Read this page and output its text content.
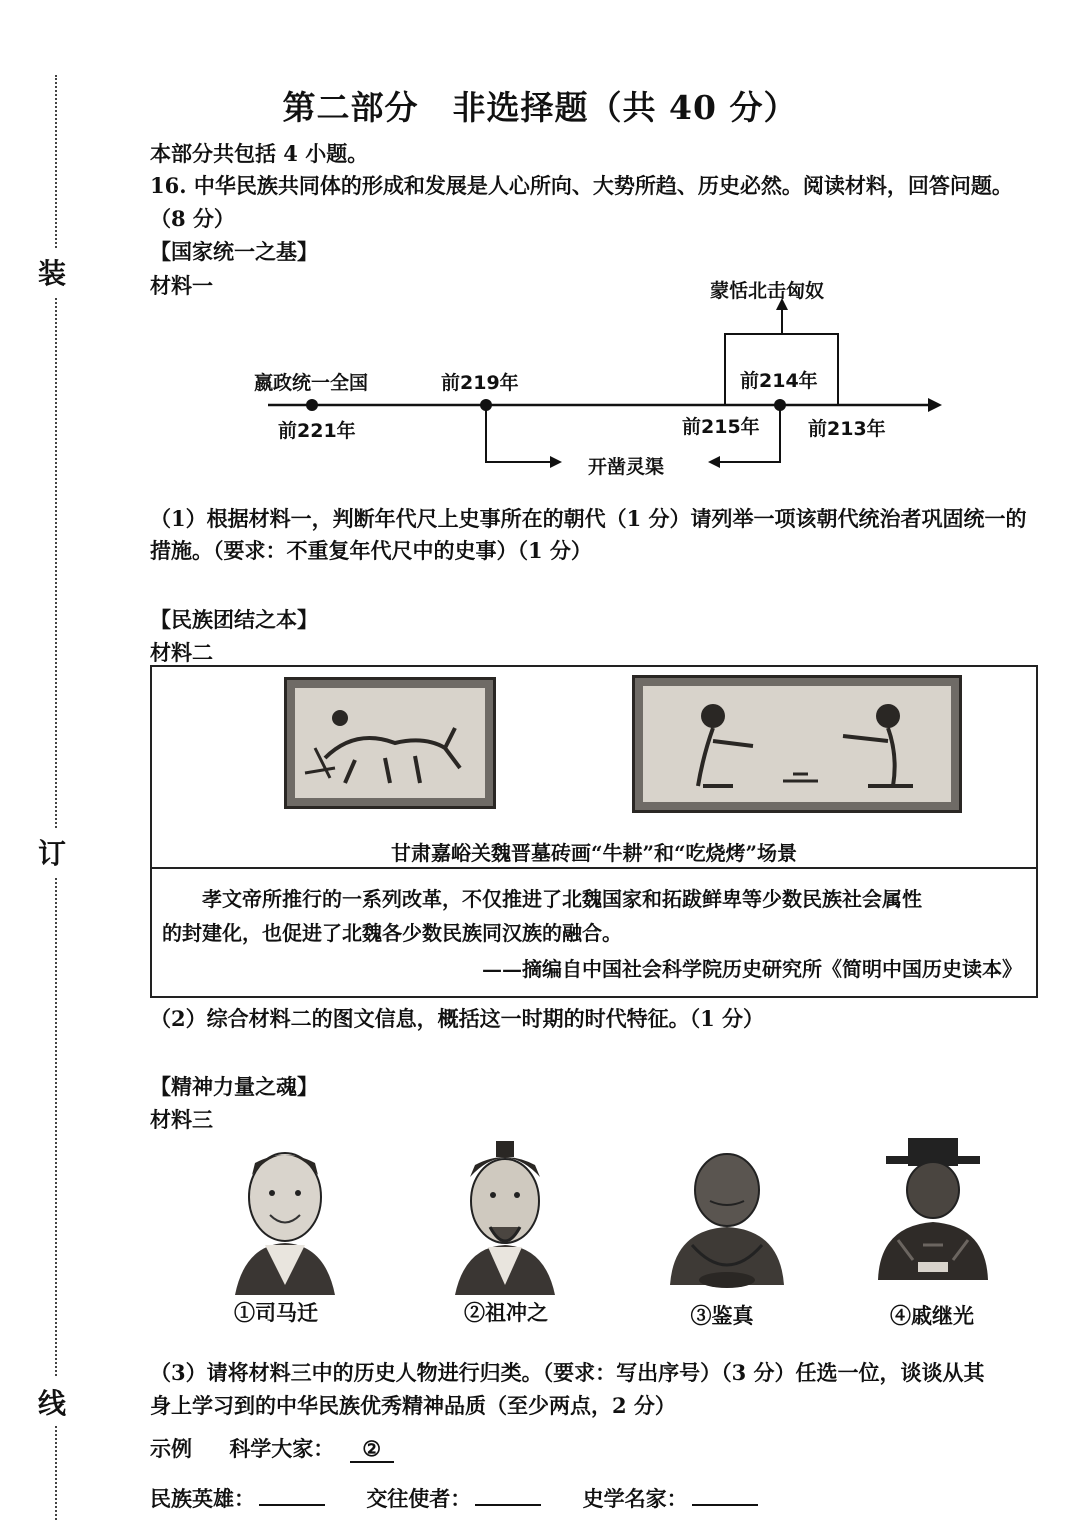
装
订
线
第二部分　非选择题（共 40 分）
本部分共包括 4 小题。
16. 中华民族共同体的形成和发展是人心所向、大势所趋、历史必然。阅读材料，回答问题。
（8 分）
【国家统一之基】
材料一
嬴政统一全国	前219年	前214年
蒙恬北击匈奴
前221年	前215年	前213年
开凿灵渠
（1）根据材料一，判断年代尺上史事所在的朝代（1 分）请列举一项该朝代统治者巩固统一的措施。（要求：不重复年代尺中的史事）（1 分）
【民族团结之本】
材料二
甘肃嘉峪关魏晋墓砖画“牛耕”和“吃烧烤”场景
孝文帝所推行的一系列改革，不仅推进了北魏国家和拓跋鲜卑等少数民族社会属性
的封建化，也促进了北魏各少数民族同汉族的融合。
——摘编自中国社会科学院历史研究所《简明中国历史读本》
（2）综合材料二的图文信息，概括这一时期的时代特征。（1 分）
【精神力量之魂】
材料三
①司马迁	②祖冲之	③鉴真	④戚继光
（3）请将材料三中的历史人物进行归类。（要求：写出序号）（3 分）任选一位，谈谈从其
身上学习到的中华民族优秀精神品质（至少两点，2 分）
示例 科学大家： ②
民族英雄：	交往使者：	史学名家：
